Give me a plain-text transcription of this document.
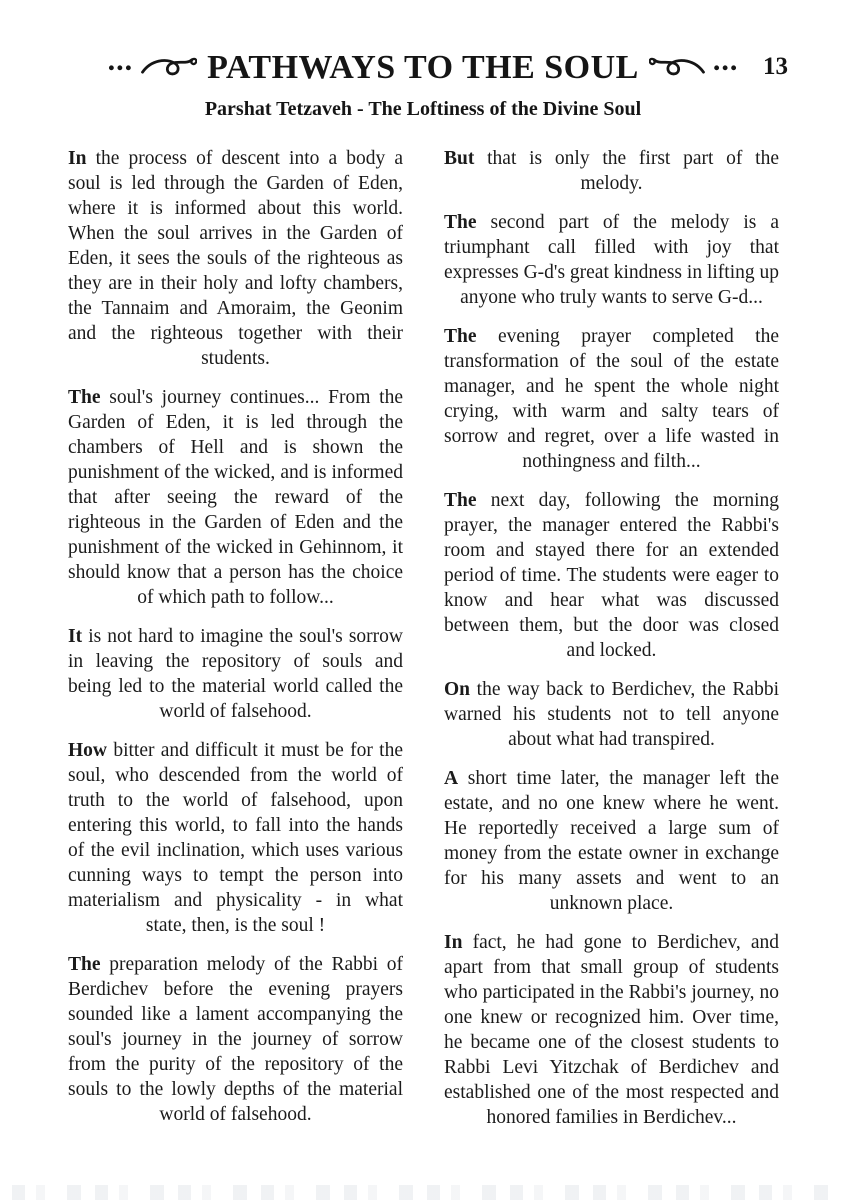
... PATHWAYS TO THE SOUL ... 13
Parshat Tetzaveh - The Loftiness of the Divine Soul

In the process of descent into a body a soul is led through the Garden of Eden, where it is informed about this world. When the soul arrives in the Garden of Eden, it sees the souls of the righteous as they are in their holy and lofty chambers, the Tannaim and Amoraim, the Geonim and the righteous together with their students.

The soul's journey continues... From the Garden of Eden, it is led through the chambers of Hell and is shown the punishment of the wicked, and is informed that after seeing the reward of the righteous in the Garden of Eden and the punishment of the wicked in Gehinnom, it should know that a person has the choice of which path to follow...

It is not hard to imagine the soul's sorrow in leaving the repository of souls and being led to the material world called the world of falsehood.

How bitter and difficult it must be for the soul, who descended from the world of truth to the world of falsehood, upon entering this world, to fall into the hands of the evil inclination, which uses various cunning ways to tempt the person into materialism and physicality - in what state, then, is the soul !

The preparation melody of the Rabbi of Berdichev before the evening prayers sounded like a lament accompanying the soul's journey in the journey of sorrow from the purity of the repository of the souls to the lowly depths of the material world of falsehood.

But that is only the first part of the melody.

The second part of the melody is a triumphant call filled with joy that expresses G-d's great kindness in lifting up anyone who truly wants to serve G-d...

The evening prayer completed the transformation of the soul of the estate manager, and he spent the whole night crying, with warm and salty tears of sorrow and regret, over a life wasted in nothingness and filth...

The next day, following the morning prayer, the manager entered the Rabbi's room and stayed there for an extended period of time. The students were eager to know and hear what was discussed between them, but the door was closed and locked.

On the way back to Berdichev, the Rabbi warned his students not to tell anyone about what had transpired.

A short time later, the manager left the estate, and no one knew where he went. He reportedly received a large sum of money from the estate owner in exchange for his many assets and went to an unknown place.

In fact, he had gone to Berdichev, and apart from that small group of students who participated in the Rabbi's journey, no one knew or recognized him. Over time, he became one of the closest students to Rabbi Levi Yitzchak of Berdichev and established one of the most respected and honored families in Berdichev...
